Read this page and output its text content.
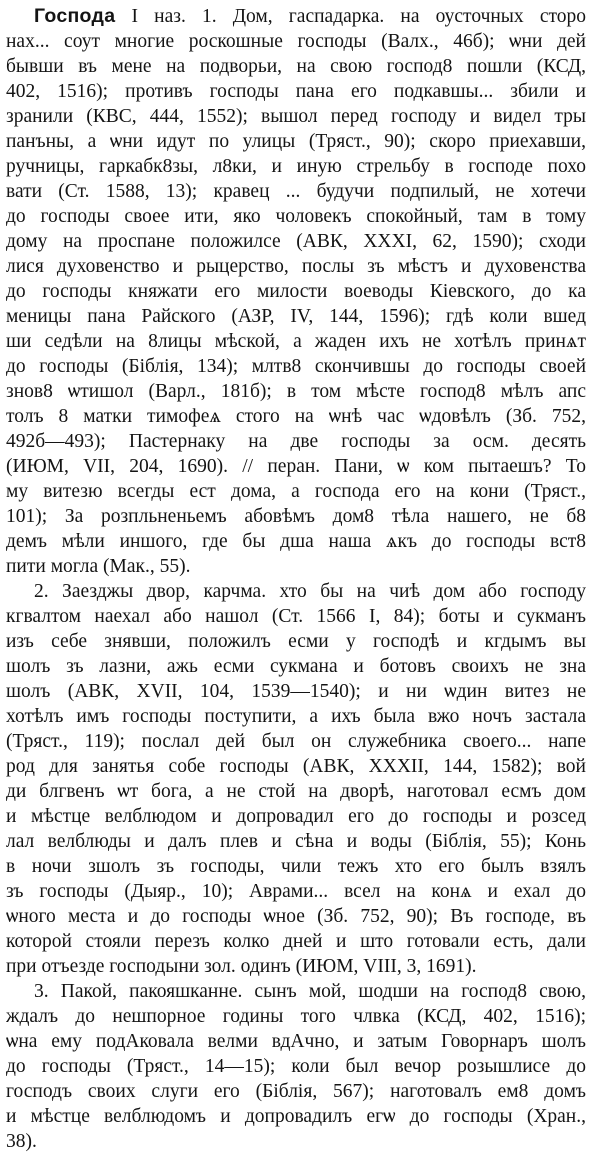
Господа I наз. 1. Дом, гаспадарка. на оусточных сторо
нах... соут многие роскошные господы (Валх., 46б); ѡни дей
бывши въ мене на подворьи, на свою господ8 пошли (КСД,
402, 1516); противъ господы пана его подкавшы... збили и
зранили (КВС, 444, 1552); вышол перед господу и видел тры
панъны, а ѡни идут по улицы (Тряст., 90); скоро приехавши,
ручницы, гаркабк8зы, л8ки, и иную стрельбу в господе похо
вати (Ст. 1588, 13); кравец ... будучи подпилый, не хотечи
до господы своее ити, яко чоловекъ спокойный, там в тому
дому на проспане положилсе (АВК, XXXI, 62, 1590); сходи
лися духовенство и рыцерство, послы зъ мѣстъ и духовенства
до господы княжати его милости воеводы Кіевского, до ка
меницы пана Райского (АЗР, IV, 144, 1596); гдѣ коли вшед
ши седѣли на 8лицы мѣской, а жаден ихъ не хотѣлъ принѧт
до господы (Біблія, 134); млтв8 скончившы до господы своей
знов8 ѡтишол (Варл., 181б); в том мѣсте господ8 мѣлъ апс
толъ 8 матки тимофеѧ стого на ѡнѣ час ѡдовѣлъ (Зб. 752,
492б—493); Пастернаку на две господы за осм. десять
(ИЮМ, VII, 204, 1690). // перан. Пани, ѡ ком пытаешъ? То
му витезю всегды ест дома, а господа его на кони (Тряст.,
101); За розпльненьемъ абовѣмъ дом8 тѣла нашего, не б8
демъ мѣли иншого, где бы дша наша ѧкъ до господы вст8
пити могла (Мак., 55).
2. Заезджы двор, карчма. хто бы на чиѣ дом або господу
кгвалтом наехал або нашол (Ст. 1566 I, 84); боты и сукманъ
изъ себе знявши, положилъ есми у господѣ и кгдымъ вы
шолъ зъ лазни, ажь есми сукмана и ботовъ своихъ не зна
шолъ (АВК, XVII, 104, 1539—1540); и ни ѡдин витез не
хотѣлъ имъ господы поступити, а ихъ была вжо ночъ застала
(Тряст., 119); послал дей был он служебника своего... напе
род для занятья собе господы (АВК, XXXII, 144, 1582); вой
ди блгвенъ ѡт бога, а не стой на дворѣ, наготовал есмъ дом
и мѣстце велблюдом и допровадил его до господы и розсед
лал велблюды и далъ плев и сѣна и воды (Біблія, 55); Конь
в ночи зшолъ зъ господы, чили тежъ хто его былъ взялъ
зъ господы (Дыяр., 10); Аврами... всел на конѧ и ехал до
ѡного места и до господы ѡное (Зб. 752, 90); Въ господе, въ
которой стояли перезъ колко дней и што готовали есть, дали
при отъезде господыни зол. одинъ (ИЮМ, VIII, 3, 1691).
3. Пакой, пакояшканне. сынъ мой, шодши на господ8 свою,
ждалъ до нешпорное годины того члвка (КСД, 402, 1516);
ѡна ему подАковала велми вдАчно, и затым Говорнаръ шолъ
до господы (Тряст., 14—15); коли был вечор розышлисе до
господъ своих слуги его (Біблія, 567); наготовалъ ем8 домъ
и мѣстце велблюдомъ и допровадилъ егѡ до господы (Хран.,
38).
